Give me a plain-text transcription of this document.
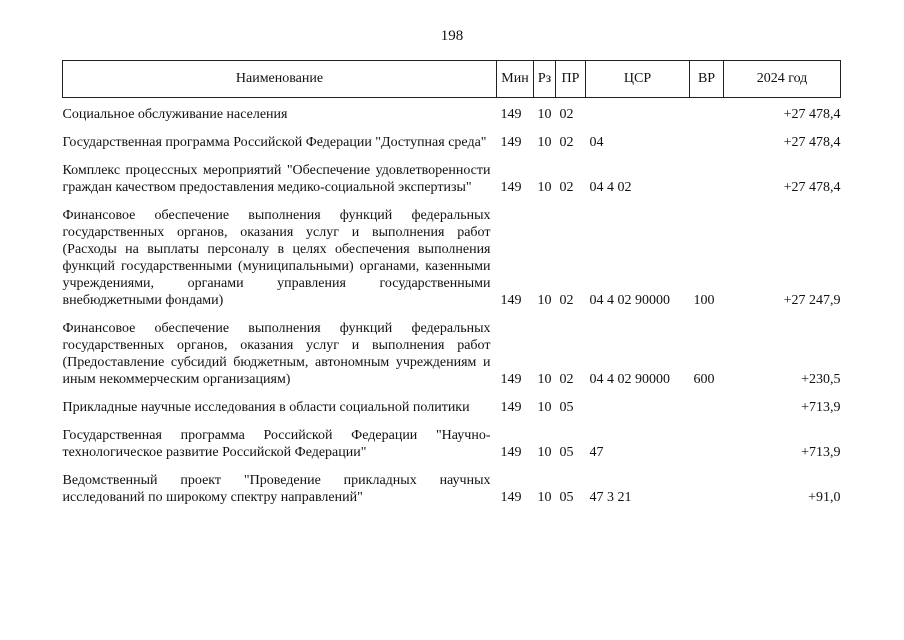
198
Наименование	Мин	Рз	ПР	ЦСР	ВР	2024 год
Социальное обслуживание населения	149	10	02			+27 478,4
Государственная программа Российской Федерации "Доступная среда"	149	10	02	04		+27 478,4
Комплекс процессных мероприятий "Обеспечение удовлетворенности граждан качеством предоставления медико-социальной экспертизы"	149	10	02	04 4 02		+27 478,4
Финансовое обеспечение выполнения функций федеральных государственных органов, оказания услуг и выполнения работ (Расходы на выплаты персоналу в целях обеспечения выполнения функций государственными (муниципальными) органами, казенными учреждениями, органами управления государственными внебюджетными фондами)	149	10	02	04 4 02 90000	100	+27 247,9
Финансовое обеспечение выполнения функций федеральных государственных органов, оказания услуг и выполнения работ (Предоставление субсидий бюджетным, автономным учреждениям и иным некоммерческим организациям)	149	10	02	04 4 02 90000	600	+230,5
Прикладные научные исследования в области социальной политики	149	10	05			+713,9
Государственная программа Российской Федерации "Научно-технологическое развитие Российской Федерации"	149	10	05	47		+713,9
Ведомственный проект "Проведение прикладных научных исследований по широкому спектру направлений"	149	10	05	47 3 21		+91,0
